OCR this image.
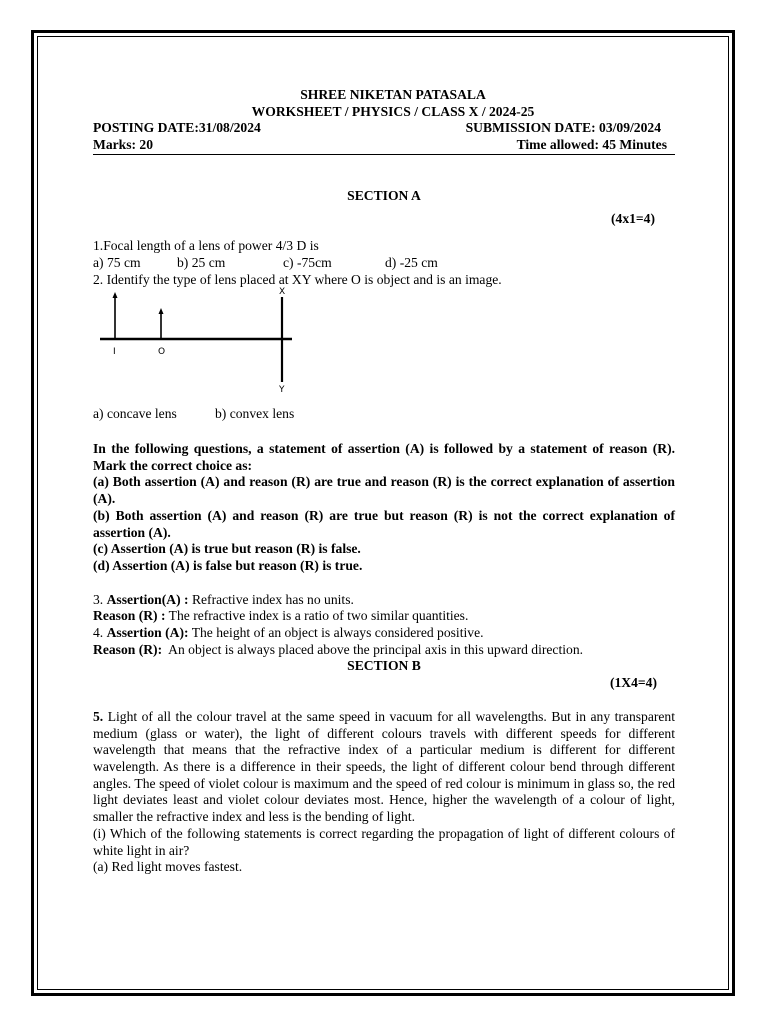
SHREE NIKETAN PATASALA

WORKSHEET / PHYSICS / CLASS X / 2024-25

POSTING DATE:31/08/2024	SUBMISSION DATE: 03/09/2024
Marks: 20	Time allowed: 45 Minutes

SECTION A

(4x1=4)

1.Focal length of a lens of power 4/3 D is

a) 75 cm	b) 25 cm	c) -75cm	d) -25 cm

2. Identify the type of lens placed at XY where O is object and is an image.

X
Y
I	O

a) concave lens	b) convex lens

In the following questions, a statement of assertion (A) is followed by a statement of reason (R). Mark the correct choice as:

(a) Both assertion (A) and reason (R) are true and reason (R) is the correct explanation of assertion (A).

(b) Both assertion (A) and reason (R) are true but reason (R) is not the correct explanation of assertion (A).

(c) Assertion (A) is true but reason (R) is false.

(d) Assertion (A) is false but reason (R) is true.

3. Assertion(A) : Refractive index has no units.

Reason (R) : The refractive index is a ratio of two similar quantities.

4. Assertion (A): The height of an object is always considered positive.

Reason (R): An object is always placed above the principal axis in this upward direction.

SECTION B

(1X4=4)

5. Light of all the colour travel at the same speed in vacuum for all wavelengths. But in any transparent medium (glass or water), the light of different colours travels with different speeds for different wavelength that means that the refractive index of a particular medium is different for different wavelength. As there is a difference in their speeds, the light of different colour bend through different angles. The speed of violet colour is maximum and the speed of red colour is minimum in glass so, the red light deviates least and violet colour deviates most. Hence, higher the wavelength of a colour of light, smaller the refractive index and less is the bending of light.

(i) Which of the following statements is correct regarding the propagation of light of different colours of white light in air?

(a) Red light moves fastest.
